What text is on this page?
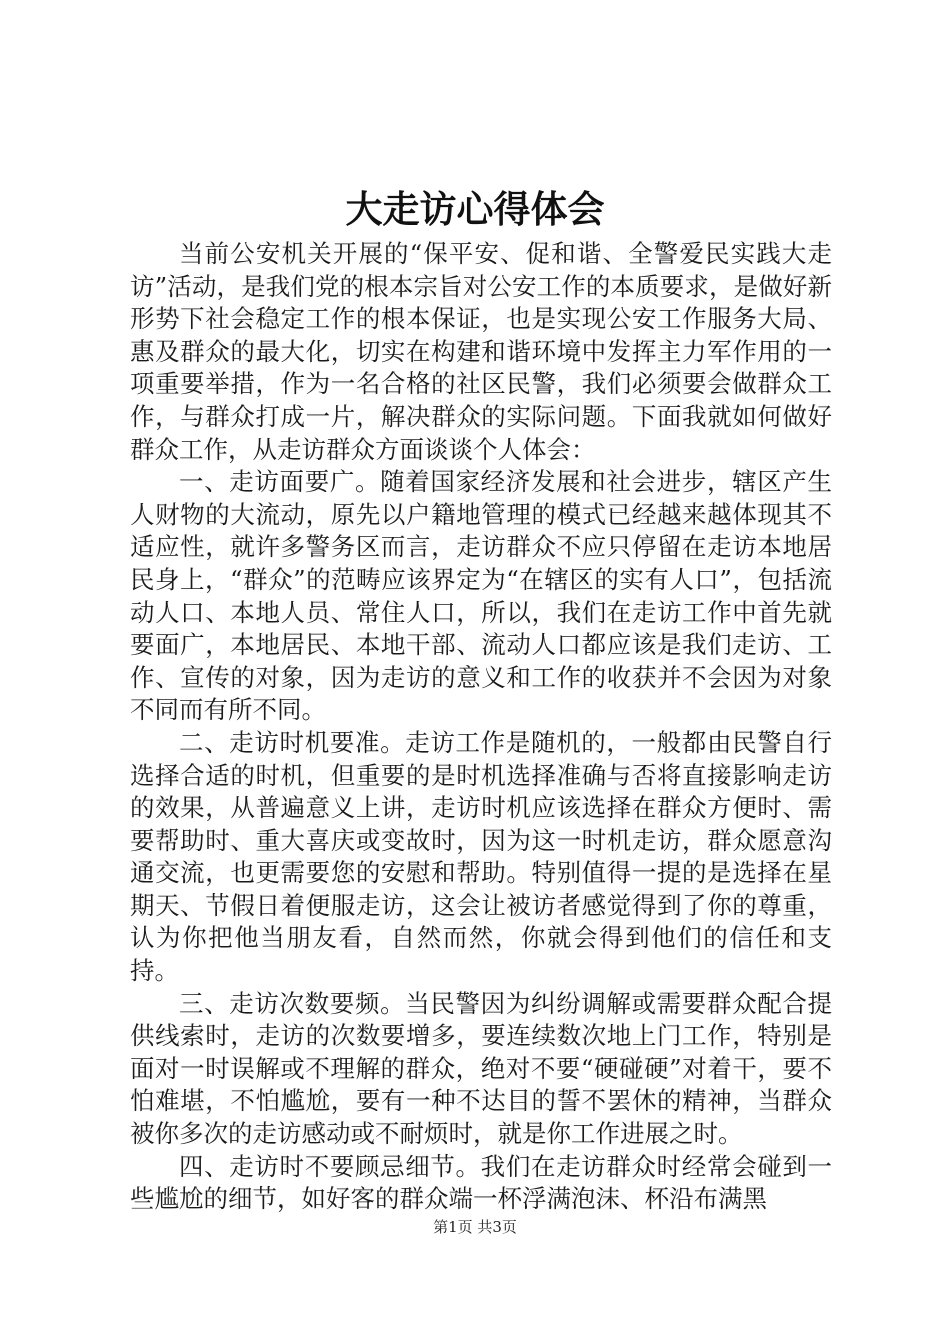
大走访心得体会

当前公安机关开展的“保平安、促和谐、全警爱民实践大走访”活动，是我们党的根本宗旨对公安工作的本质要求，是做好新形势下社会稳定工作的根本保证，也是实现公安工作服务大局、惠及群众的最大化，切实在构建和谐环境中发挥主力军作用的一项重要举措，作为一名合格的社区民警，我们必须要会做群众工作，与群众打成一片，解决群众的实际问题。下面我就如何做好群众工作，从走访群众方面谈谈个人体会：

一、走访面要广。随着国家经济发展和社会进步，辖区产生人财物的大流动，原先以户籍地管理的模式已经越来越体现其不适应性，就许多警务区而言，走访群众不应只停留在走访本地居民身上，“群众”的范畴应该界定为“在辖区的实有人口”，包括流动人口、本地人员、常住人口，所以，我们在走访工作中首先就要面广，本地居民、本地干部、流动人口都应该是我们走访、工作、宣传的对象，因为走访的意义和工作的收获并不会因为对象不同而有所不同。

二、走访时机要准。走访工作是随机的，一般都由民警自行选择合适的时机，但重要的是时机选择准确与否将直接影响走访的效果，从普遍意义上讲，走访时机应该选择在群众方便时、需要帮助时、重大喜庆或变故时，因为这一时机走访，群众愿意沟通交流，也更需要您的安慰和帮助。特别值得一提的是选择在星期天、节假日着便服走访，这会让被访者感觉得到了你的尊重，认为你把他当朋友看，自然而然，你就会得到他们的信任和支持。

三、走访次数要频。当民警因为纠纷调解或需要群众配合提供线索时，走访的次数要增多，要连续数次地上门工作，特别是面对一时误解或不理解的群众，绝对不要“硬碰硬”对着干，要不怕难堪，不怕尴尬，要有一种不达目的誓不罢休的精神，当群众被你多次的走访感动或不耐烦时，就是你工作进展之时。

四、走访时不要顾忌细节。我们在走访群众时经常会碰到一些尴尬的细节，如好客的群众端一杯浮满泡沫、杯沿布满黑

第1页 共3页
